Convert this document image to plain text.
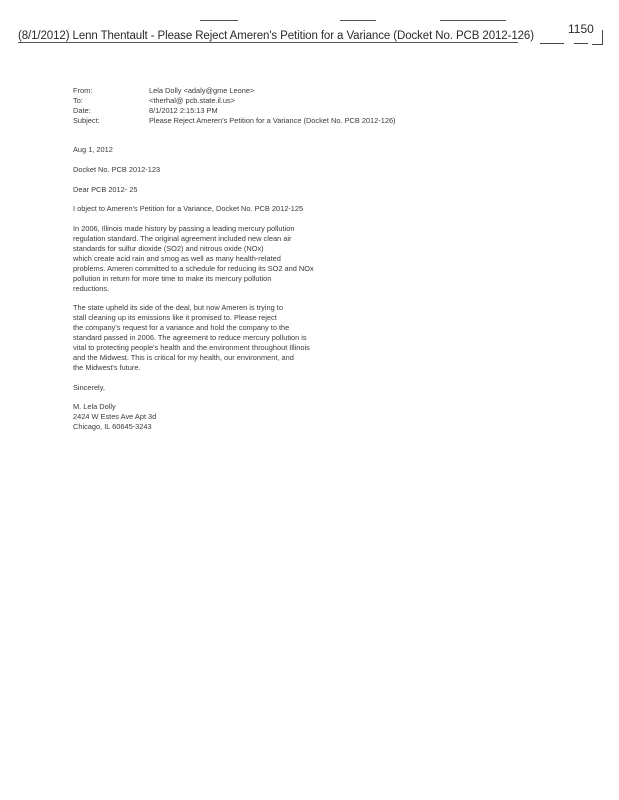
(8/1/2012) Lenn Thentault - Please Reject Ameren's Petition for a Variance (Docket No. PCB 2012-126)	1150
From:	Lela Dolly <adaly@gme Leone>
To:	<therhal@ pcb.state.il.us>
Date:	8/1/2012 2:15:13 PM
Subject:	Please Reject Ameren's Petition for a Variance (Docket No. PCB 2012-126)

Aug 1, 2012

Docket No. PCB 2012-123

Dear PCB 2012- 25

I object to Ameren's Petition for a Variance, Docket No. PCB 2012-125

In 2006, Illinois made history by passing a leading mercury pollution
regulation standard. The original agreement included new clean air
standards for sulfur dioxide (SO2) and nitrous oxide (NOx)
which create acid rain and smog as well as many health-related
problems. Ameren committed to a schedule for reducing its SO2 and NOx
pollution in return for more time to make its mercury pollution
reductions.

The state upheld its side of the deal, but now Ameren is trying to
stall cleaning up its emissions like it promised to. Please reject
the company's request for a variance and hold the company to the
standard passed in 2006. The agreement to reduce mercury pollution is
vital to protecting people's health and the environment throughout Illinois
and the Midwest. This is critical for my health, our environment, and
the Midwest's future.

Sincerely,

M. Lela Dolly
2424 W Estes Ave Apt 3d
Chicago, IL 60645-3243
